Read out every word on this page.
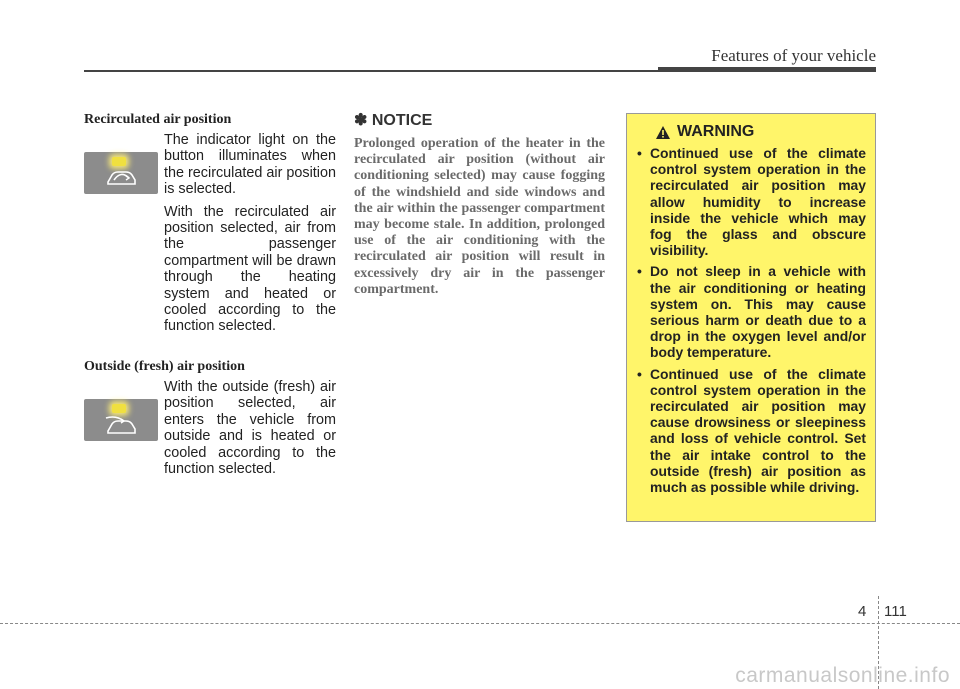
Features of your vehicle
Recirculated air position

The indicator light on the button illuminates when the recirculated air position is selected.

With the recirculated air position selected, air from the passenger compartment will be drawn through the heating system and heated or cooled according to the function selected.

Outside (fresh) air position

With the outside (fresh) air position selected, air enters the vehicle from outside and is heated or cooled according to the function selected.

✽ NOTICE

Prolonged operation of the heater in the recirculated air position (without air conditioning selected) may cause fogging of the windshield and side windows and the air within the passenger compartment may become stale. In addition, prolonged use of the air conditioning with the recirculated air position will result in excessively dry air in the passenger compartment.

WARNING
• Continued use of the climate control system operation in the recirculated air position may allow humidity to increase inside the vehicle which may fog the glass and obscure visibility.
• Do not sleep in a vehicle with the air conditioning or heating system on. This may cause serious harm or death due to a drop in the oxygen level and/or body temperature.
• Continued use of the climate control system operation in the recirculated air position may cause drowsiness or sleepiness and loss of vehicle control. Set the air intake control to the outside (fresh) air position as much as possible while driving.
4 111
carmanualsonline.info
